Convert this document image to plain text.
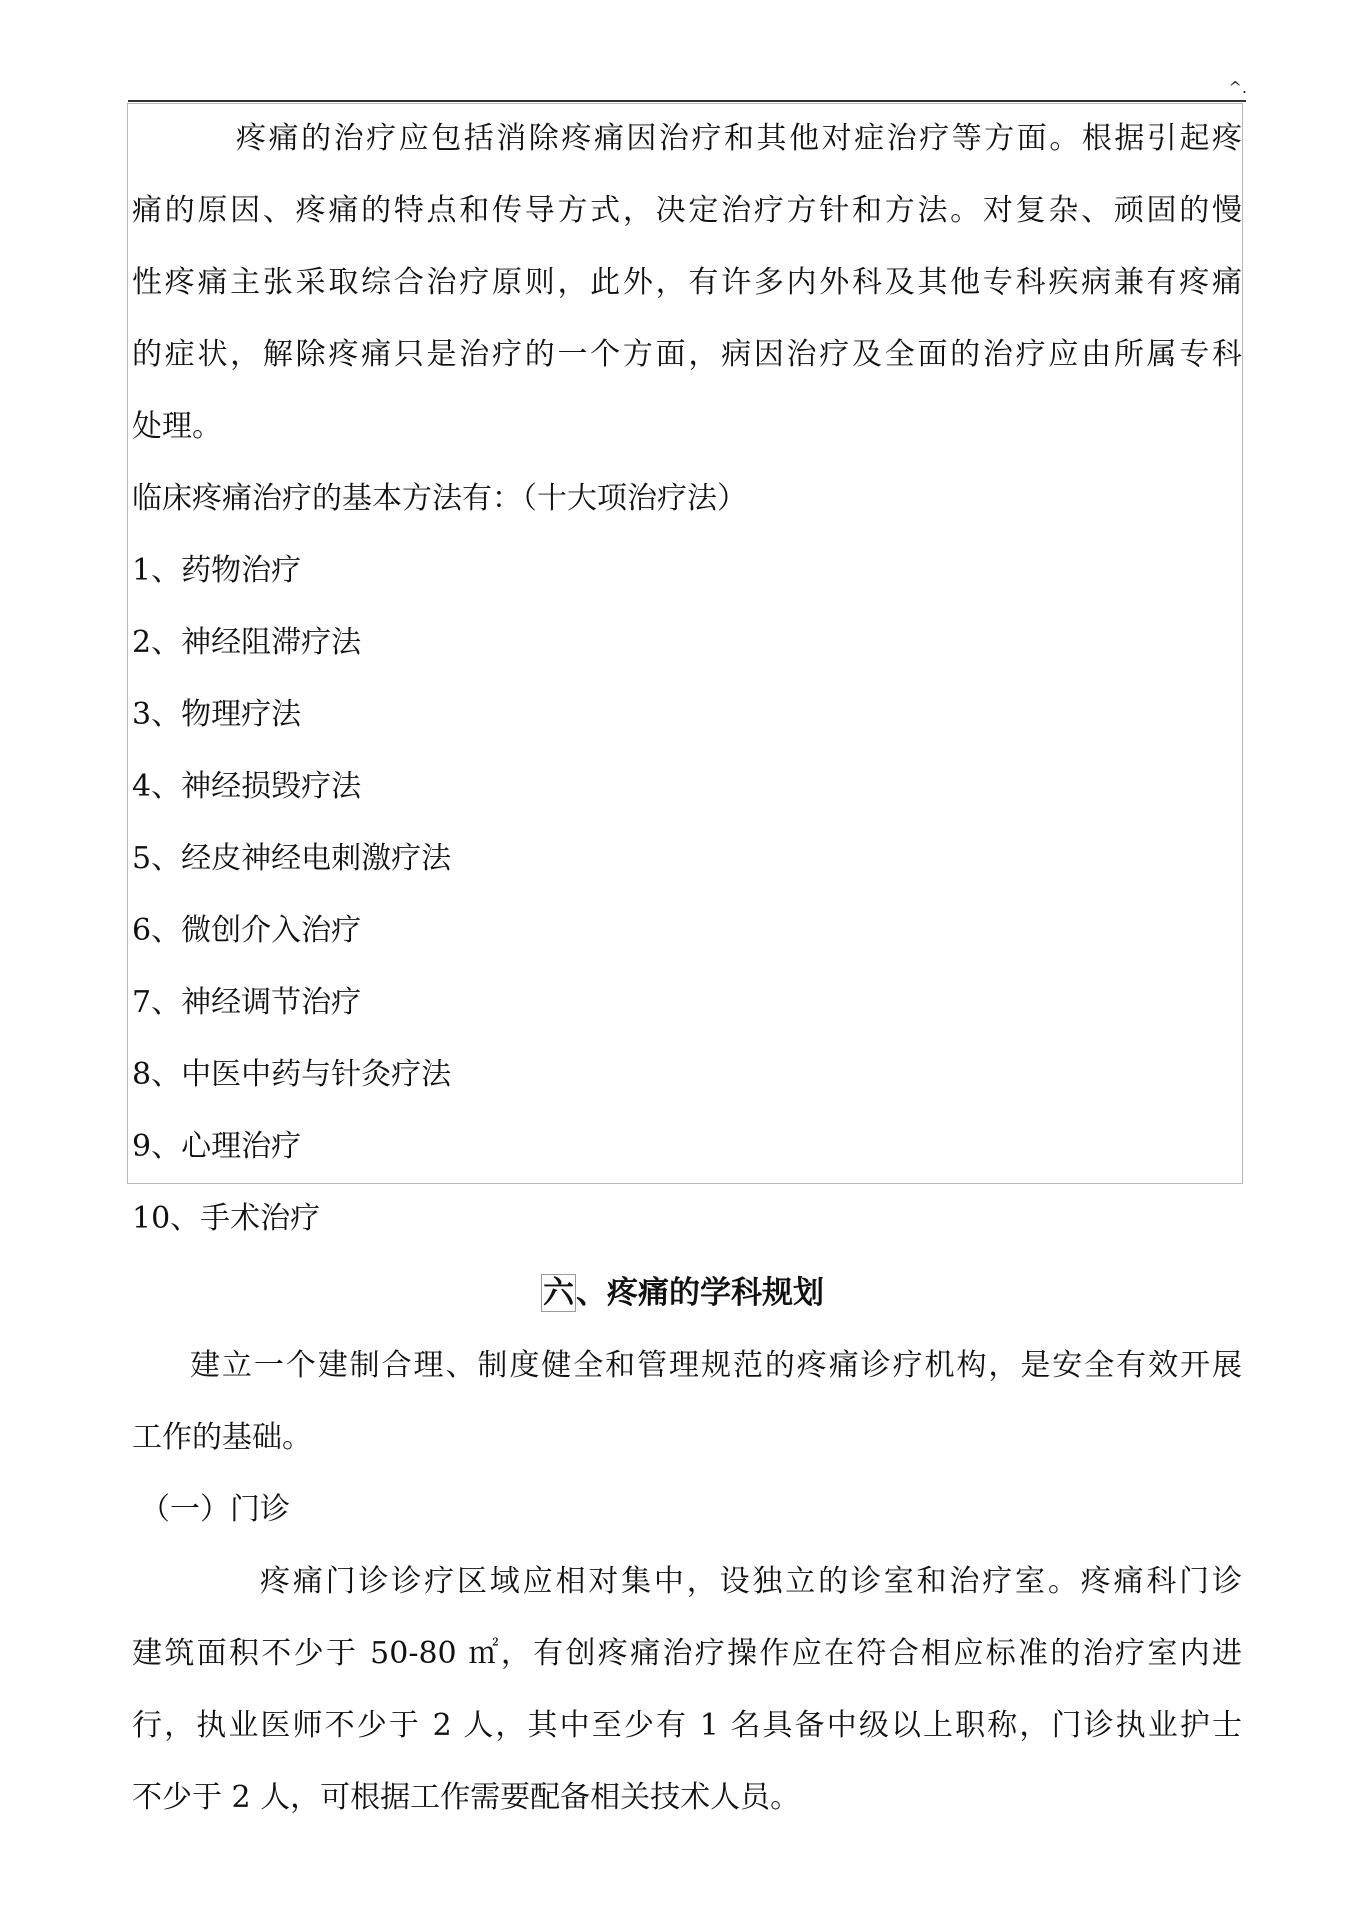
^.
疼痛的治疗应包括消除疼痛因治疗和其他对症治疗等方面。根据引起疼
痛的原因、疼痛的特点和传导方式，决定治疗方针和方法。对复杂、顽固的慢
性疼痛主张采取综合治疗原则，此外，有许多内外科及其他专科疾病兼有疼痛
的症状，解除疼痛只是治疗的一个方面，病因治疗及全面的治疗应由所属专科
处理。
临床疼痛治疗的基本方法有：（十大项治疗法）
1、药物治疗
2、神经阻滞疗法
3、物理疗法
4、神经损毁疗法
5、经皮神经电刺激疗法
6、微创介入治疗
7、神经调节治疗
8、中医中药与针灸疗法
9、心理治疗
10、手术治疗
六、疼痛的学科规划
建立一个建制合理、制度健全和管理规范的疼痛诊疗机构，是安全有效开展
工作的基础。
（一）门诊
疼痛门诊诊疗区域应相对集中，设独立的诊室和治疗室。疼痛科门诊
建筑面积不少于 50-80 ㎡，有创疼痛治疗操作应在符合相应标准的治疗室内进
行，执业医师不少于 2 人，其中至少有 1 名具备中级以上职称，门诊执业护士
不少于 2 人，可根据工作需要配备相关技术人员。
